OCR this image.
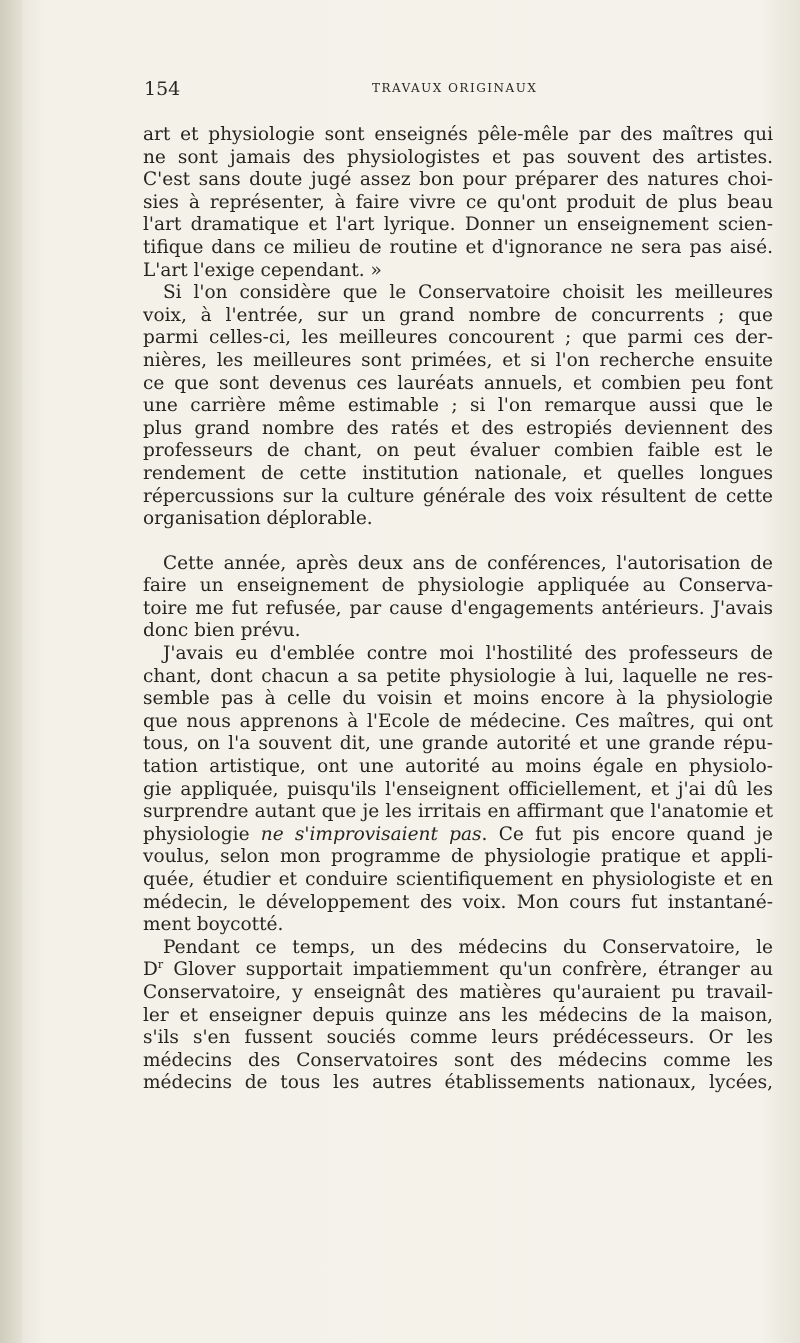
154	TRAVAUX ORIGINAUX
art et physiologie sont enseignés pêle-mêle par des maîtres qui
ne sont jamais des physiologistes et pas souvent des artistes.
C'est sans doute jugé assez bon pour préparer des natures choi-
sies à représenter, à faire vivre ce qu'ont produit de plus beau
l'art dramatique et l'art lyrique. Donner un enseignement scien-
tifique dans ce milieu de routine et d'ignorance ne sera pas aisé.
L'art l'exige cependant. »
Si l'on considère que le Conservatoire choisit les meilleures
voix, à l'entrée, sur un grand nombre de concurrents ; que
parmi celles-ci, les meilleures concourent ; que parmi ces der-
nières, les meilleures sont primées, et si l'on recherche ensuite
ce que sont devenus ces lauréats annuels, et combien peu font
une carrière même estimable ; si l'on remarque aussi que le
plus grand nombre des ratés et des estropiés deviennent des
professeurs de chant, on peut évaluer combien faible est le
rendement de cette institution nationale, et quelles longues
répercussions sur la culture générale des voix résultent de cette
organisation déplorable.
Cette année, après deux ans de conférences, l'autorisation de
faire un enseignement de physiologie appliquée au Conserva-
toire me fut refusée, par cause d'engagements antérieurs. J'avais
donc bien prévu.
J'avais eu d'emblée contre moi l'hostilité des professeurs de
chant, dont chacun a sa petite physiologie à lui, laquelle ne res-
semble pas à celle du voisin et moins encore à la physiologie
que nous apprenons à l'Ecole de médecine. Ces maîtres, qui ont
tous, on l'a souvent dit, une grande autorité et une grande répu-
tation artistique, ont une autorité au moins égale en physiolo-
gie appliquée, puisqu'ils l'enseignent officiellement, et j'ai dû les
surprendre autant que je les irritais en affirmant que l'anatomie et
physiologie ne s'improvisaient pas. Ce fut pis encore quand je
voulus, selon mon programme de physiologie pratique et appli-
quée, étudier et conduire scientifiquement en physiologiste et en
médecin, le développement des voix. Mon cours fut instantané-
ment boycotté.
Pendant ce temps, un des médecins du Conservatoire, le
$D^r$ Glover supportait impatiemment qu'un confrère, étranger au
Conservatoire, y enseignât des matières qu'auraient pu travail-
ler et enseigner depuis quinze ans les médecins de la maison,
s'ils s'en fussent souciés comme leurs prédécesseurs. Or les
médecins des Conservatoires sont des médecins comme les
médecins de tous les autres établissements nationaux, lycées,
